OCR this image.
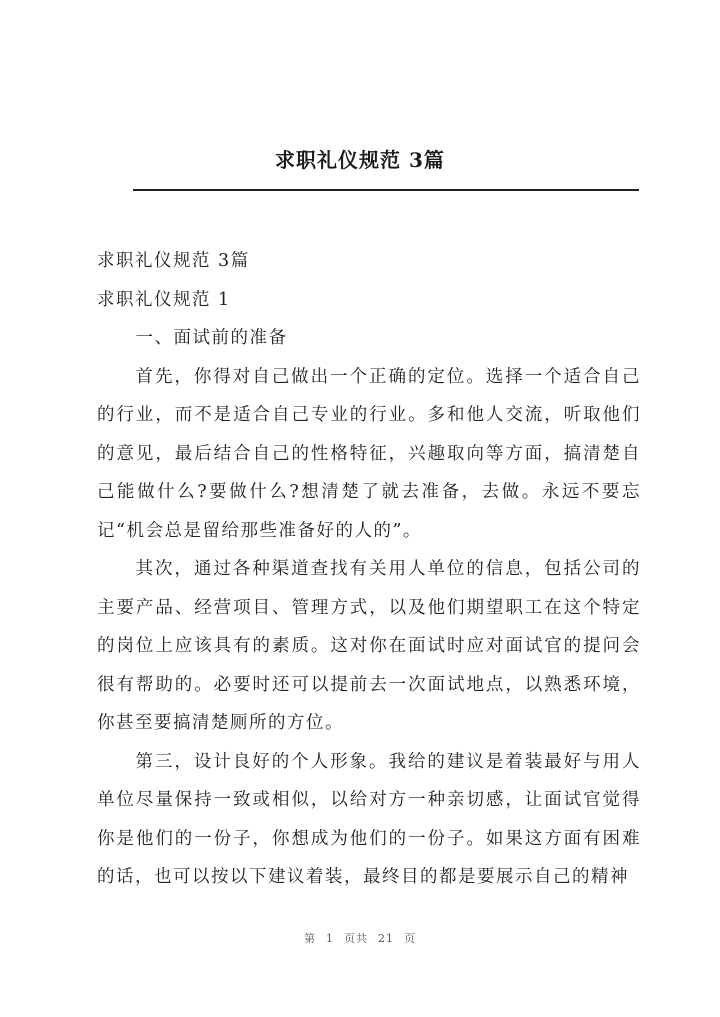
求职礼仪规范 3篇

求职礼仪规范 3篇

求职礼仪规范 1

一、面试前的准备

首先，你得对自己做出一个正确的定位。选择一个适合自己的行业，而不是适合自己专业的行业。多和他人交流，听取他们的意见，最后结合自己的性格特征，兴趣取向等方面，搞清楚自己能做什么?要做什么?想清楚了就去准备，去做。永远不要忘记“机会总是留给那些准备好的人的”。

其次，通过各种渠道查找有关用人单位的信息，包括公司的主要产品、经营项目、管理方式，以及他们期望职工在这个特定的岗位上应该具有的素质。这对你在面试时应对面试官的提问会很有帮助的。必要时还可以提前去一次面试地点，以熟悉环境，你甚至要搞清楚厕所的方位。

第三，设计良好的个人形象。我给的建议是着装最好与用人单位尽量保持一致或相似，以给对方一种亲切感，让面试官觉得你是他们的一份子，你想成为他们的一份子。如果这方面有困难的话，也可以按以下建议着装，最终目的都是要展示自己的精神

第 1 页共 21 页
